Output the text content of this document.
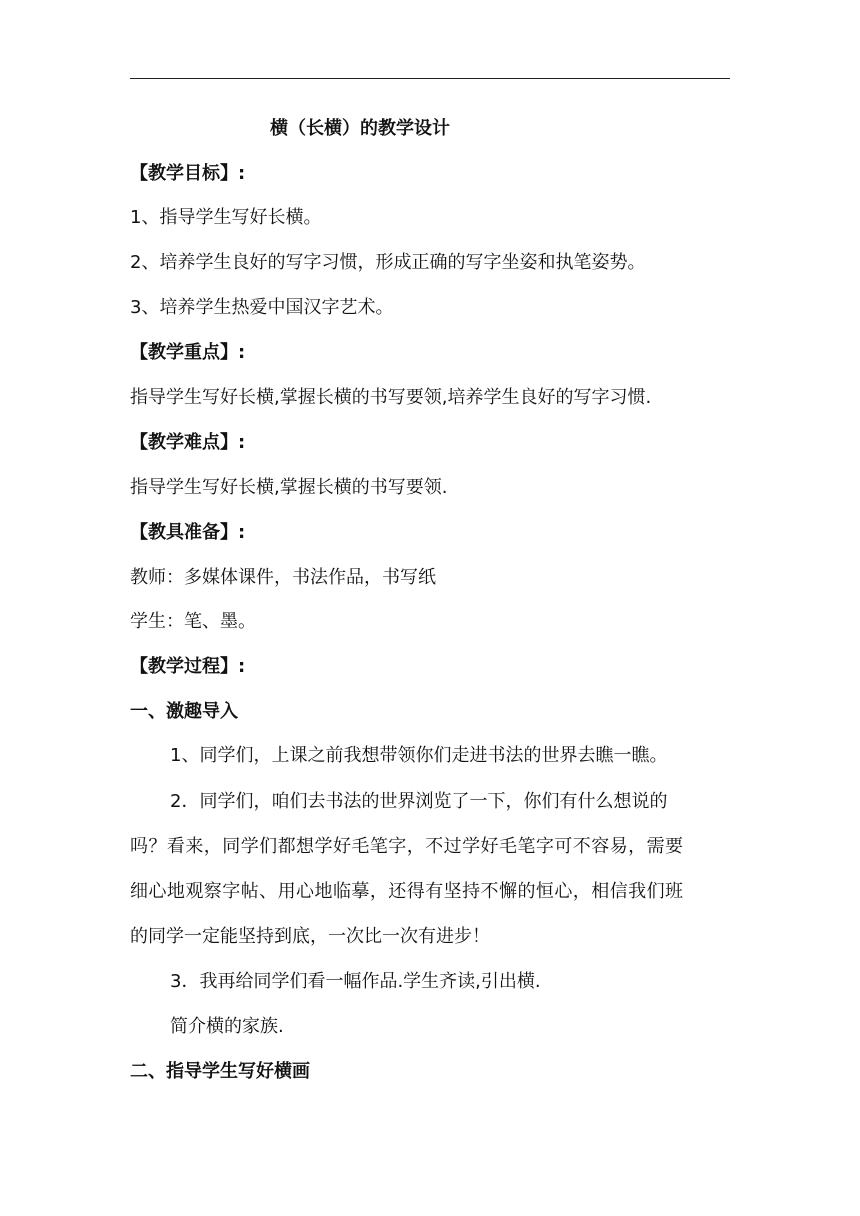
横（长横）的教学设计
【教学目标】:
1、指导学生写好长横。
2、培养学生良好的写字习惯，形成正确的写字坐姿和执笔姿势。
3、培养学生热爱中国汉字艺术。
【教学重点】:
指导学生写好长横,掌握长横的书写要领,培养学生良好的写字习惯.
【教学难点】:
指导学生写好长横,掌握长横的书写要领.
【教具准备】:
教师：多媒体课件，书法作品，书写纸
学生：笔、墨。
【教学过程】:
一、激趣导入
1、同学们，上课之前我想带领你们走进书法的世界去瞧一瞧。
2．同学们，咱们去书法的世界浏览了一下，你们有什么想说的
吗？看来，同学们都想学好毛笔字，不过学好毛笔字可不容易，需要
细心地观察字帖、用心地临摹，还得有坚持不懈的恒心，相信我们班
的同学一定能坚持到底，一次比一次有进步！
3．我再给同学们看一幅作品.学生齐读,引出横.
简介横的家族.
二、指导学生写好横画
